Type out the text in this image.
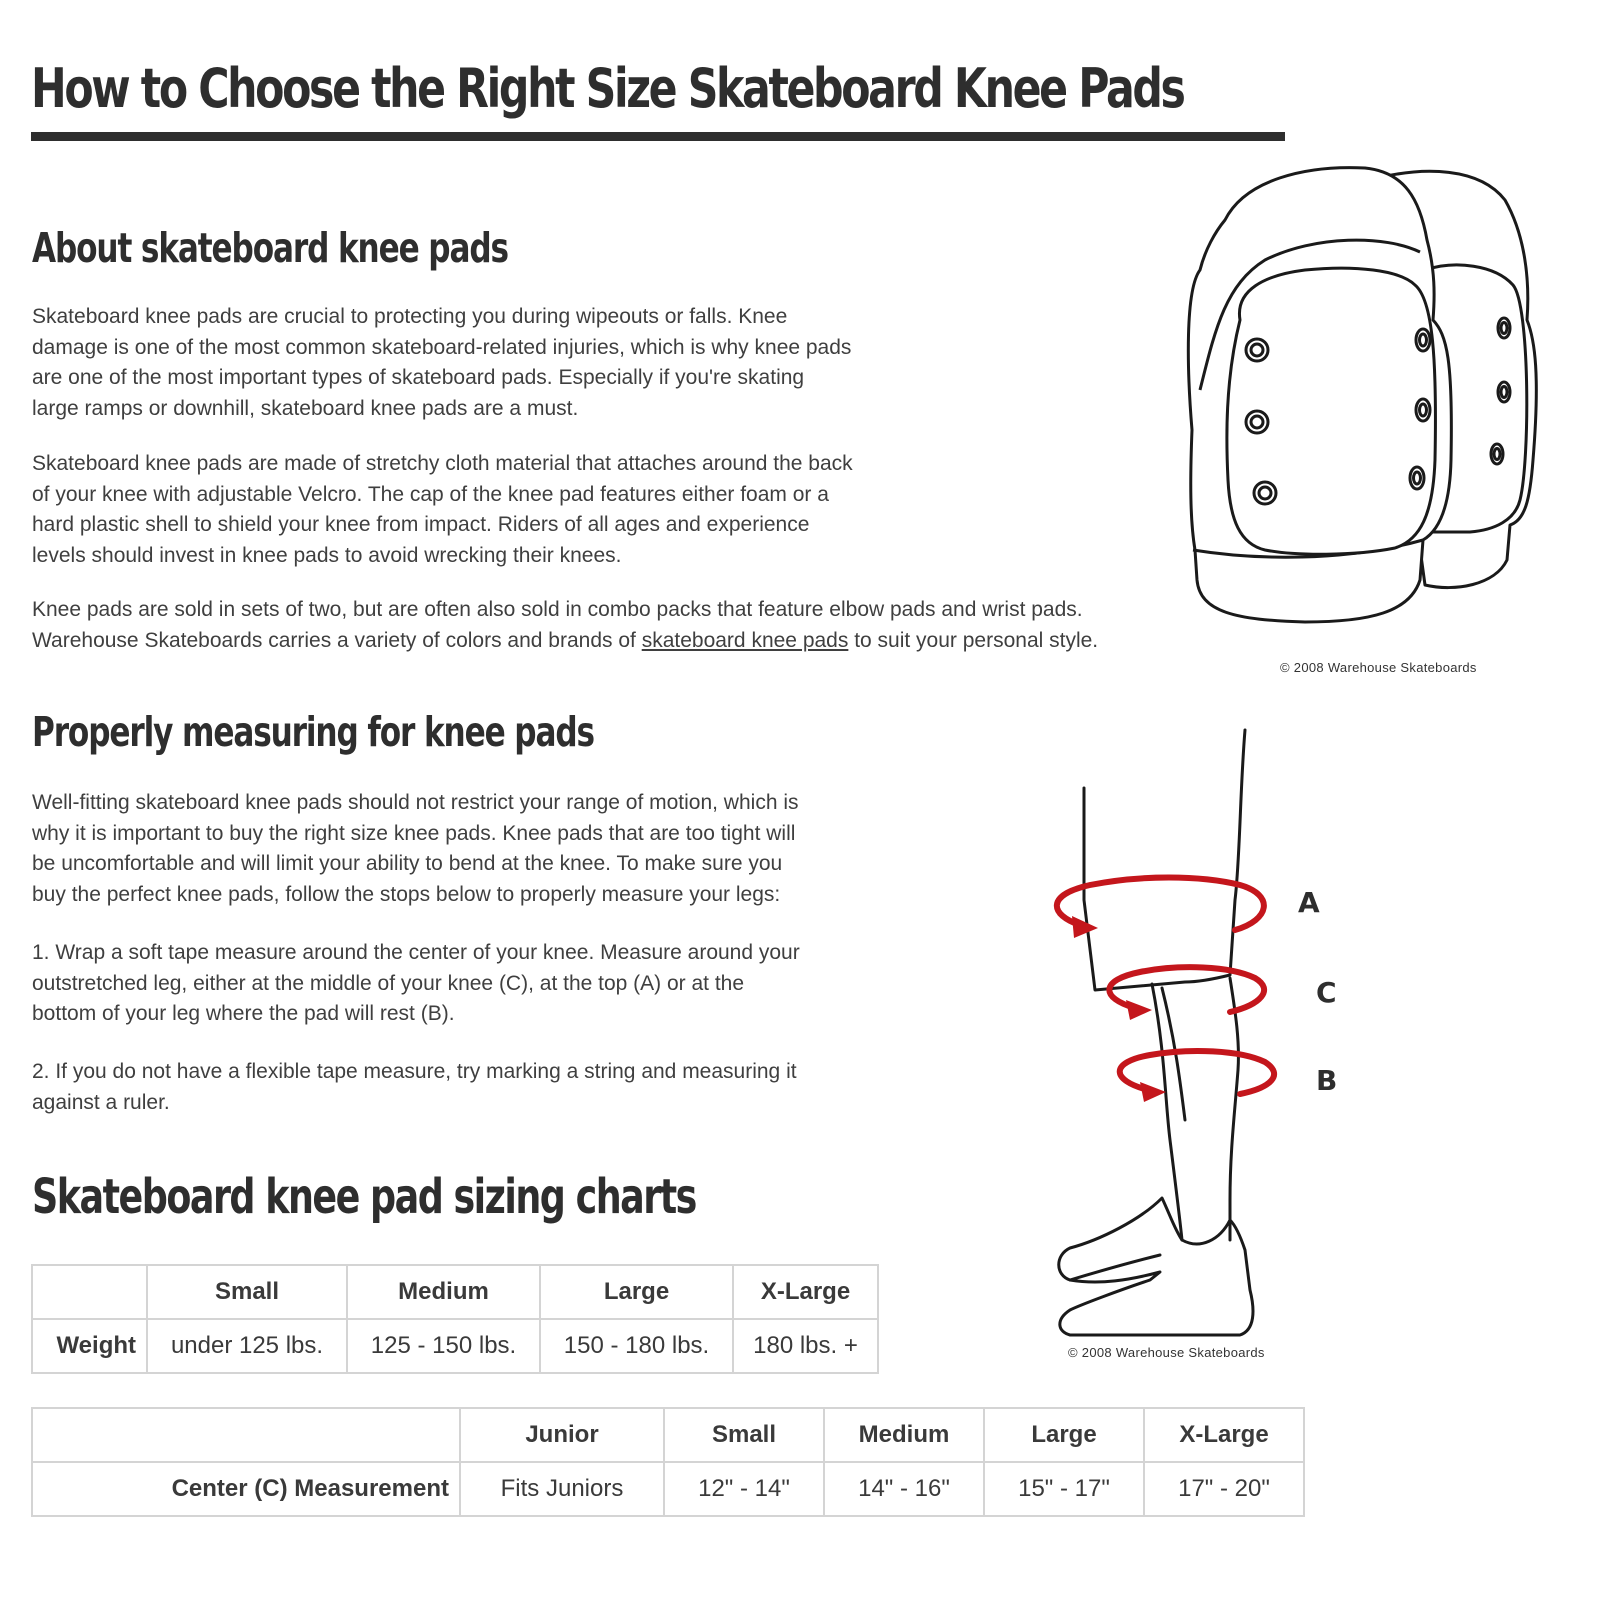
How to Choose the Right Size Skateboard Knee Pads
About skateboard knee pads
Skateboard knee pads are crucial to protecting you during wipeouts or falls. Knee
damage is one of the most common skateboard-related injuries, which is why knee pads
are one of the most important types of skateboard pads. Especially if you're skating
large ramps or downhill, skateboard knee pads are a must.
Skateboard knee pads are made of stretchy cloth material that attaches around the back
of your knee with adjustable Velcro. The cap of the knee pad features either foam or a
hard plastic shell to shield your knee from impact. Riders of all ages and experience
levels should invest in knee pads to avoid wrecking their knees.
Knee pads are sold in sets of two, but are often also sold in combo packs that feature elbow pads and wrist pads.
Warehouse Skateboards carries a variety of colors and brands of skateboard knee pads to suit your personal style.
© 2008 Warehouse Skateboards
Properly measuring for knee pads
Well-fitting skateboard knee pads should not restrict your range of motion, which is
why it is important to buy the right size knee pads. Knee pads that are too tight will
be uncomfortable and will limit your ability to bend at the knee. To make sure you
buy the perfect knee pads, follow the stops below to properly measure your legs:
1. Wrap a soft tape measure around the center of your knee. Measure around your
outstretched leg, either at the middle of your knee (C), at the top (A) or at the
bottom of your leg where the pad will rest (B).
2. If you do not have a flexible tape measure, try marking a string and measuring it
against a ruler.
A
C
B
© 2008 Warehouse Skateboards
Skateboard knee pad sizing charts
	Small	Medium	Large	X-Large
Weight	under 125 lbs.	125 - 150 lbs.	150 - 180 lbs.	180 lbs. +
	Junior	Small	Medium	Large	X-Large
Center (C) Measurement	Fits Juniors	12" - 14"	14" - 16"	15" - 17"	17" - 20"
